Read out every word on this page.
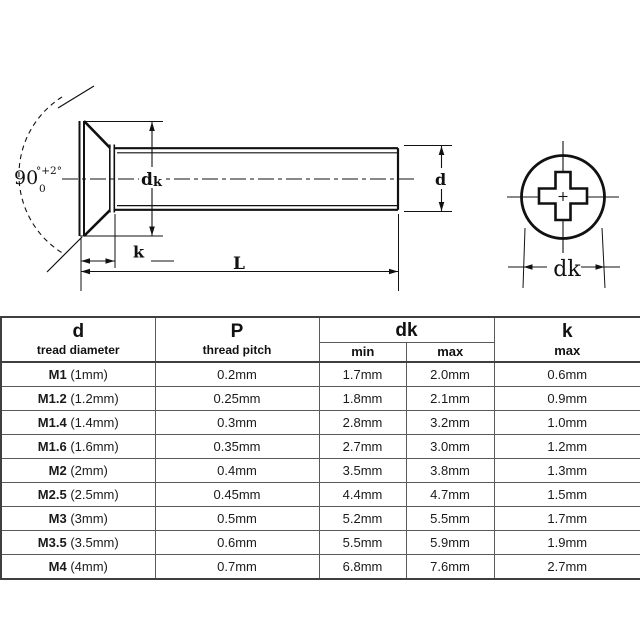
90
°+2°
0	d k
k
L
d
dk
d
tread diameter

P
thread pitch

dk
min	max

k
max

M1 (1mm)	0.2mm	1.7mm	2.0mm	0.6mm
M1.2 (1.2mm)	0.25mm	1.8mm	2.1mm	0.9mm
M1.4 (1.4mm)	0.3mm	2.8mm	3.2mm	1.0mm
M1.6 (1.6mm)	0.35mm	2.7mm	3.0mm	1.2mm
M2 (2mm)	0.4mm	3.5mm	3.8mm	1.3mm
M2.5 (2.5mm)	0.45mm	4.4mm	4.7mm	1.5mm
M3 (3mm)	0.5mm	5.2mm	5.5mm	1.7mm
M3.5 (3.5mm)	0.6mm	5.5mm	5.9mm	1.9mm
M4 (4mm)	0.7mm	6.8mm	7.6mm	2.7mm
